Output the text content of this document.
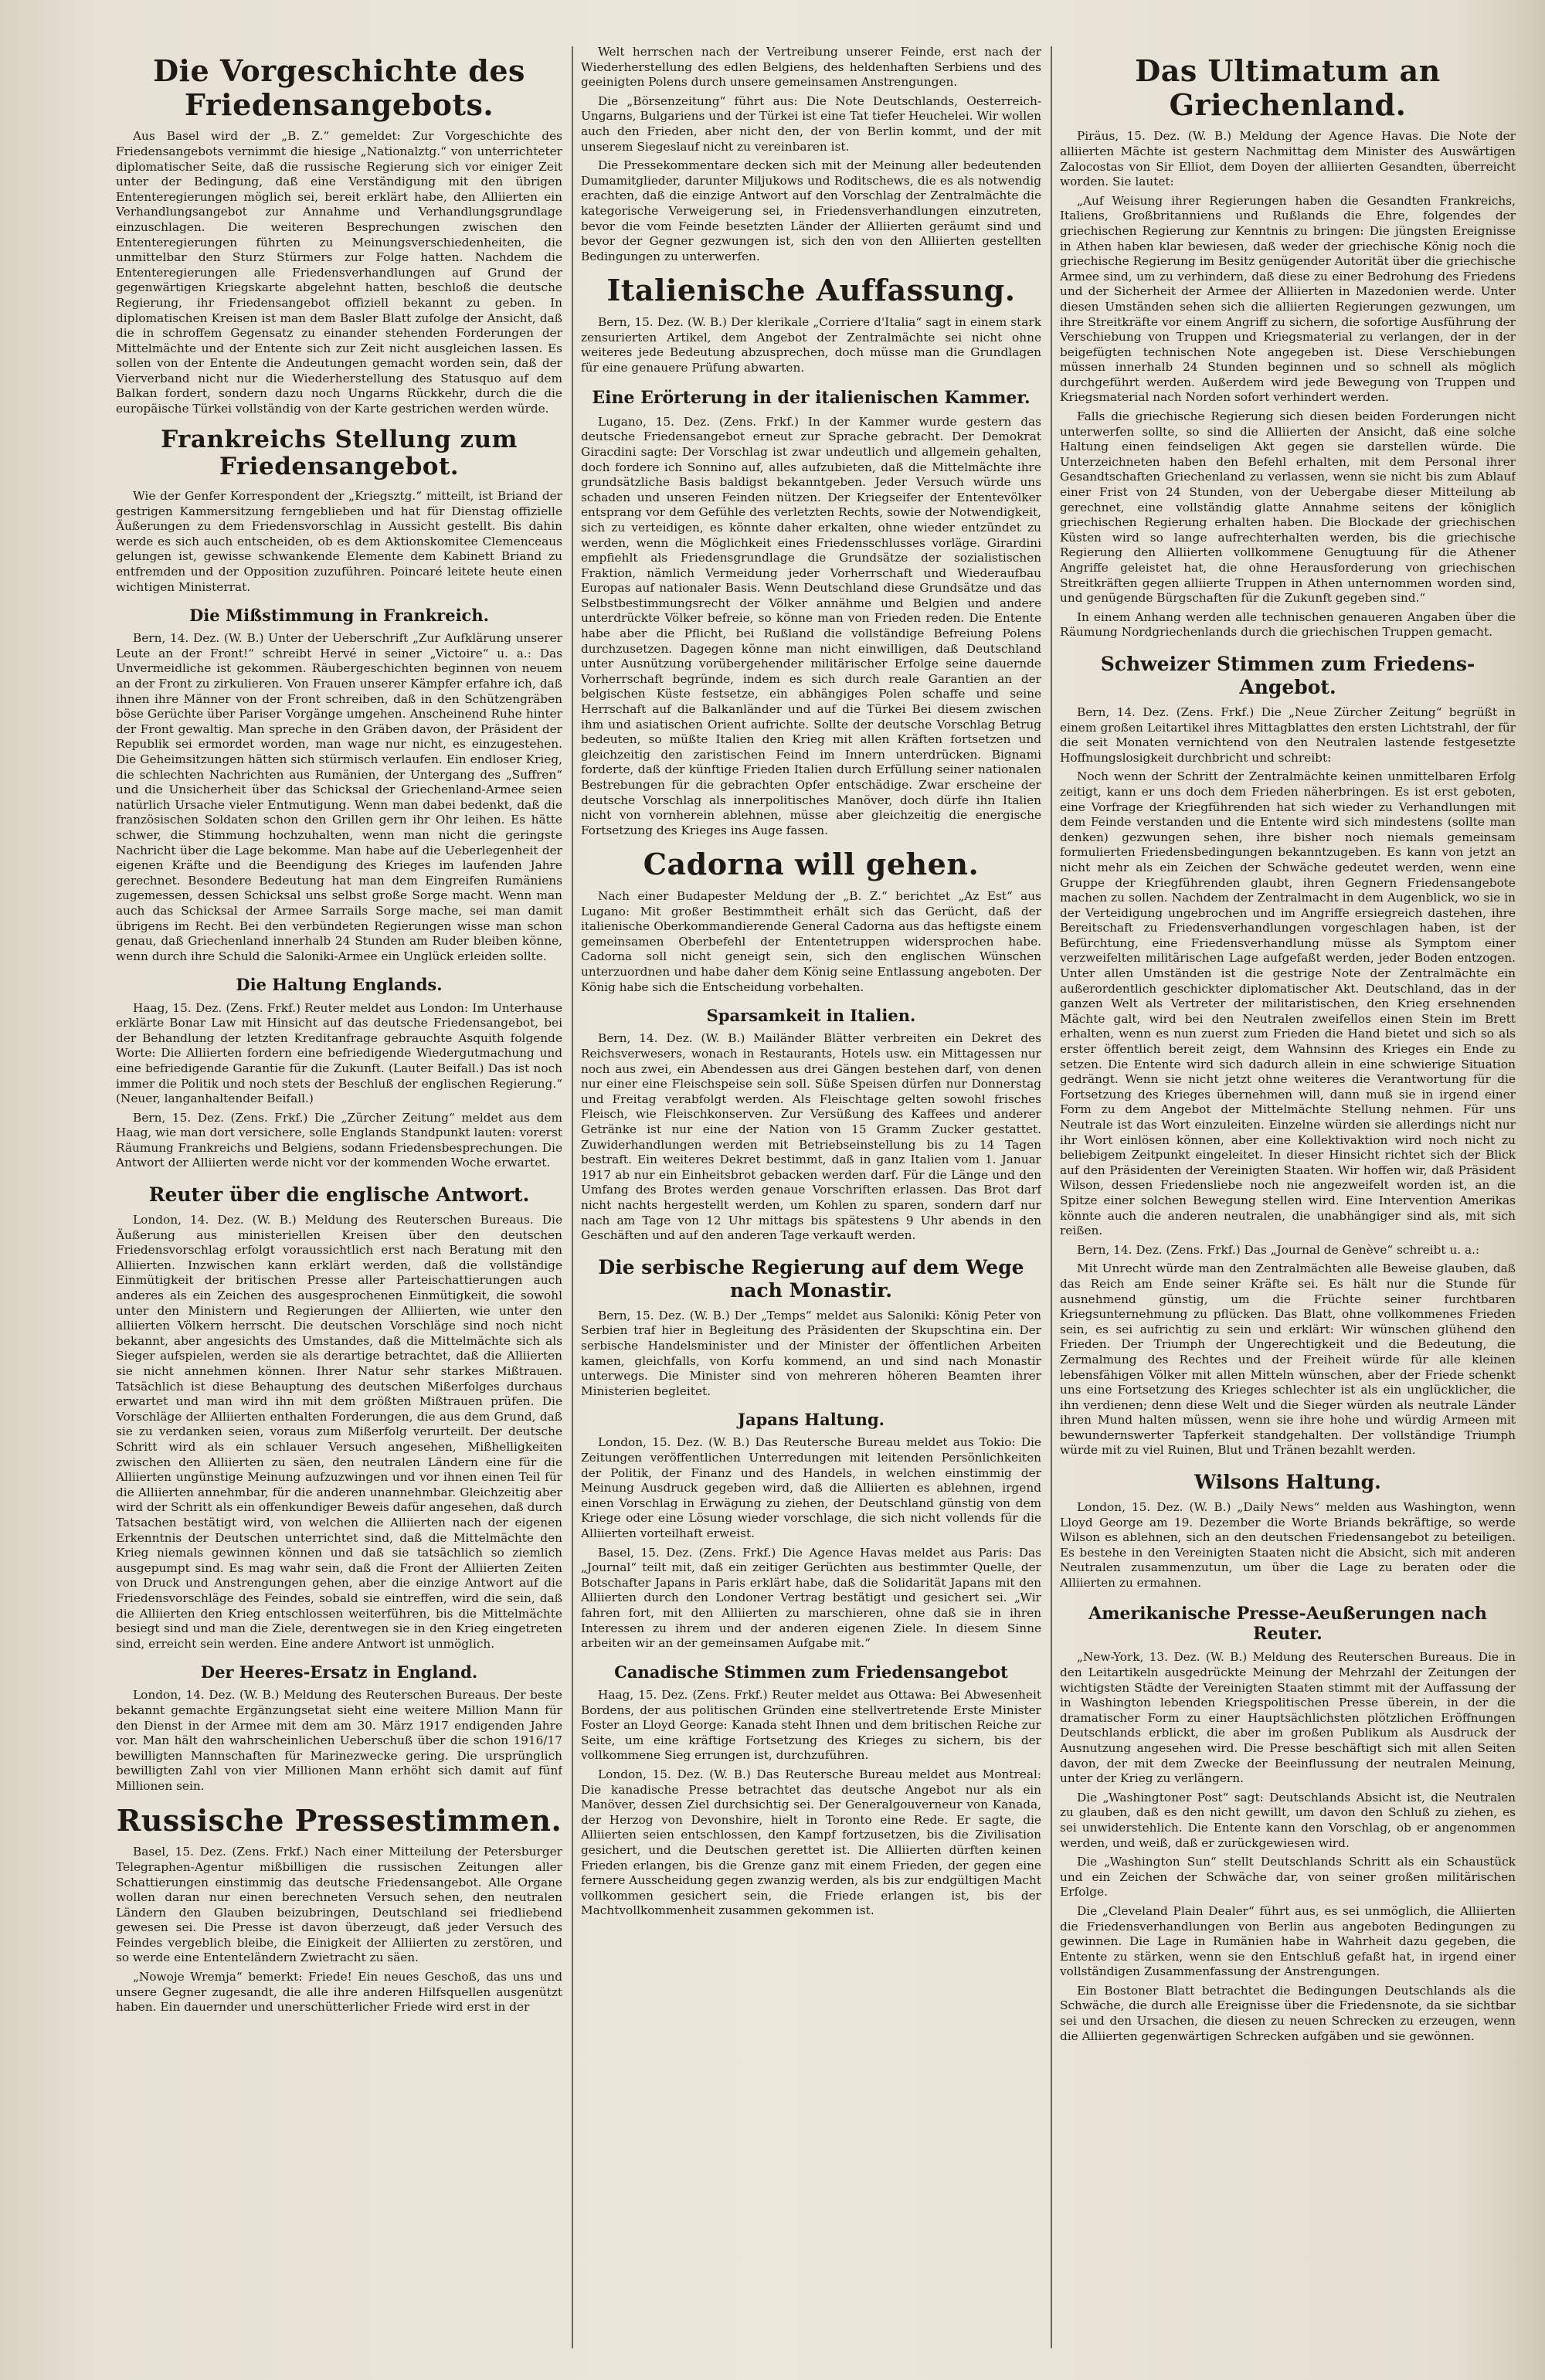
Die Vorgeschichte des Friedensangebots.

Aus Basel wird der „B. Z.“ gemeldet: Zur Vorgeschichte des Friedensangebots vernimmt die hiesige „Nationalztg.“ von unterrichteter diplomatischer Seite, daß die russische Regierung sich vor einiger Zeit unter der Bedingung, daß eine Verständigung mit den übrigen Ententeregierungen möglich sei, bereit erklärt habe, den Alliierten ein Verhandlungsangebot zur Annahme und Verhandlungsgrundlage einzuschlagen. Die weiteren Besprechungen zwischen den Ententeregierungen führten zu Meinungsverschiedenheiten, die unmittelbar den Sturz Stürmers zur Folge hatten. Nachdem die Ententeregierungen alle Friedensverhandlungen auf Grund der gegenwärtigen Kriegskarte abgelehnt hatten, beschloß die deutsche Regierung, ihr Friedensangebot offiziell bekannt zu geben. In diplomatischen Kreisen ist man dem Basler Blatt zufolge der Ansicht, daß die in schroffem Gegensatz zu einander stehenden Forderungen der Mittelmächte und der Entente sich zur Zeit nicht ausgleichen lassen. Es sollen von der Entente die Andeutungen gemacht worden sein, daß der Vierverband nicht nur die Wiederherstellung des Statusquo auf dem Balkan fordert, sondern dazu noch Ungarns Rückkehr, durch die die europäische Türkei vollständig von der Karte gestrichen werden würde.

Frankreichs Stellung zum Friedensangebot.

Wie der Genfer Korrespondent der „Kriegsztg.“ mitteilt, ist Briand der gestrigen Kammersitzung ferngeblieben und hat für Dienstag offizielle Äußerungen zu dem Friedensvorschlag in Aussicht gestellt. Bis dahin werde es sich auch entscheiden, ob es dem Aktionskomitee Clemenceaus gelungen ist, gewisse schwankende Elemente dem Kabinett Briand zu entfremden und der Opposition zuzuführen. Poincaré leitete heute einen wichtigen Ministerrat.

Die Mißstimmung in Frankreich.

Bern, 14. Dez. (W. B.) Unter der Ueberschrift „Zur Aufklärung unserer Leute an der Front!“ schreibt Hervé in seiner „Victoire“ u. a.: Das Unvermeidliche ist gekommen. Räubergeschichten beginnen von neuem an der Front zu zirkulieren. Von Frauen unserer Kämpfer erfahre ich, daß ihnen ihre Männer von der Front schreiben, daß in den Schützengräben böse Gerüchte über Pariser Vorgänge umgehen. Anscheinend Ruhe hinter der Front gewaltig. Man spreche in den Gräben davon, der Präsident der Republik sei ermordet worden, man wage nur nicht, es einzugestehen. Die Geheimsitzungen hätten sich stürmisch verlaufen. Ein endloser Krieg, die schlechten Nachrichten aus Rumänien, der Untergang des „Suffren“ und die Unsicherheit über das Schicksal der Griechenland-Armee seien natürlich Ursache vieler Entmutigung. Wenn man dabei bedenkt, daß die französischen Soldaten schon den Grillen gern ihr Ohr leihen. Es hätte schwer, die Stimmung hochzuhalten, wenn man nicht die geringste Nachricht über die Lage bekomme. Man habe auf die Ueberlegenheit der eigenen Kräfte und die Beendigung des Krieges im laufenden Jahre gerechnet. Besondere Bedeutung hat man dem Eingreifen Rumäniens zugemessen, dessen Schicksal uns selbst große Sorge macht. Wenn man auch das Schicksal der Armee Sarrails Sorge mache, sei man damit übrigens im Recht. Bei den verbündeten Regierungen wisse man schon genau, daß Griechenland innerhalb 24 Stunden am Ruder bleiben könne, wenn durch ihre Schuld die Saloniki-Armee ein Unglück erleiden sollte.

Die Haltung Englands.

Haag, 15. Dez. (Zens. Frkf.) Reuter meldet aus London: Im Unterhause erklärte Bonar Law mit Hinsicht auf das deutsche Friedensangebot, bei der Behandlung der letzten Kreditanfrage gebrauchte Asquith folgende Worte: Die Alliierten fordern eine befriedigende Wiedergutmachung und eine befriedigende Garantie für die Zukunft. (Lauter Beifall.) Das ist noch immer die Politik und noch stets der Beschluß der englischen Regierung.“ (Neuer, langanhaltender Beifall.)

Bern, 15. Dez. (Zens. Frkf.) Die „Zürcher Zeitung“ meldet aus dem Haag, wie man dort versichere, solle Englands Standpunkt lauten: vorerst Räumung Frankreichs und Belgiens, sodann Friedensbesprechungen. Die Antwort der Alliierten werde nicht vor der kommenden Woche erwartet.

Reuter über die englische Antwort.

London, 14. Dez. (W. B.) Meldung des Reuterschen Bureaus. Die Äußerung aus ministeriellen Kreisen über den deutschen Friedensvorschlag erfolgt voraussichtlich erst nach Beratung mit den Alliierten. Inzwischen kann erklärt werden, daß die vollständige Einmütigkeit der britischen Presse aller Parteischattierungen auch anderes als ein Zeichen des ausgesprochenen Einmütigkeit, die sowohl unter den Ministern und Regierungen der Alliierten, wie unter den alliierten Völkern herrscht. Die deutschen Vorschläge sind noch nicht bekannt, aber angesichts des Umstandes, daß die Mittelmächte sich als Sieger aufspielen, werden sie als derartige betrachtet, daß die Alliierten sie nicht annehmen können. Ihrer Natur sehr starkes Mißtrauen. Tatsächlich ist diese Behauptung des deutschen Mißerfolges durchaus erwartet und man wird ihn mit dem größten Mißtrauen prüfen. Die Vorschläge der Alliierten enthalten Forderungen, die aus dem Grund, daß sie zu verdanken seien, voraus zum Mißerfolg verurteilt. Der deutsche Schritt wird als ein schlauer Versuch angesehen, Mißhelligkeiten zwischen den Alliierten zu säen, den neutralen Ländern eine für die Alliierten ungünstige Meinung aufzuzwingen und vor ihnen einen Teil für die Alliierten annehmbar, für die anderen unannehmbar. Gleichzeitig aber wird der Schritt als ein offenkundiger Beweis dafür angesehen, daß durch Tatsachen bestätigt wird, von welchen die Alliierten nach der eigenen Erkenntnis der Deutschen unterrichtet sind, daß die Mittelmächte den Krieg niemals gewinnen können und daß sie tatsächlich so ziemlich ausgepumpt sind. Es mag wahr sein, daß die Front der Alliierten Zeiten von Druck und Anstrengungen gehen, aber die einzige Antwort auf die Friedensvorschläge des Feindes, sobald sie eintreffen, wird die sein, daß die Alliierten den Krieg entschlossen weiterführen, bis die Mittelmächte besiegt sind und man die Ziele, derentwegen sie in den Krieg eingetreten sind, erreicht sein werden. Eine andere Antwort ist unmöglich.

Der Heeres-Ersatz in England.

London, 14. Dez. (W. B.) Meldung des Reuterschen Bureaus. Der beste bekannt gemachte Ergänzungsetat sieht eine weitere Million Mann für den Dienst in der Armee mit dem am 30. März 1917 endigenden Jahre vor. Man hält den wahrscheinlichen Ueberschuß über die schon 1916/17 bewilligten Mannschaften für Marinezwecke gering. Die ursprünglich bewilligten Zahl von vier Millionen Mann erhöht sich damit auf fünf Millionen sein.

Russische Pressestimmen.

Basel, 15. Dez. (Zens. Frkf.) Nach einer Mitteilung der Petersburger Telegraphen-Agentur mißbilligen die russischen Zeitungen aller Schattierungen einstimmig das deutsche Friedensangebot. Alle Organe wollen daran nur einen berechneten Versuch sehen, den neutralen Ländern den Glauben beizubringen, Deutschland sei friedliebend gewesen sei. Die Presse ist davon überzeugt, daß jeder Versuch des Feindes vergeblich bleibe, die Einigkeit der Alliierten zu zerstören, und so werde eine Ententeländern Zwietracht zu säen.

„Nowoje Wremja“ bemerkt: Friede! Ein neues Geschoß, das uns und unsere Gegner zugesandt, die alle ihre anderen Hilfsquellen ausgenützt haben. Ein dauernder und unerschütterlicher Friede wird erst in der

Welt herrschen nach der Vertreibung unserer Feinde, erst nach der Wiederherstellung des edlen Belgiens, des heldenhaften Serbiens und des geeinigten Polens durch unsere gemeinsamen Anstrengungen.

Die „Börsenzeitung“ führt aus: Die Note Deutschlands, Oesterreich-Ungarns, Bulgariens und der Türkei ist eine Tat tiefer Heuchelei. Wir wollen auch den Frieden, aber nicht den, der von Berlin kommt, und der mit unserem Siegeslauf nicht zu vereinbaren ist.

Die Pressekommentare decken sich mit der Meinung aller bedeutenden Dumamitglieder, darunter Miljukows und Roditschews, die es als notwendig erachten, daß die einzige Antwort auf den Vorschlag der Zentralmächte die kategorische Verweigerung sei, in Friedensverhandlungen einzutreten, bevor die vom Feinde besetzten Länder der Alliierten geräumt sind und bevor der Gegner gezwungen ist, sich den von den Alliierten gestellten Bedingungen zu unterwerfen.

Italienische Auffassung.

Bern, 15. Dez. (W. B.) Der klerikale „Corriere d'Italia“ sagt in einem stark zensurierten Artikel, dem Angebot der Zentralmächte sei nicht ohne weiteres jede Bedeutung abzusprechen, doch müsse man die Grundlagen für eine genauere Prüfung abwarten.

Eine Erörterung in der italienischen Kammer.

Lugano, 15. Dez. (Zens. Frkf.) In der Kammer wurde gestern das deutsche Friedensangebot erneut zur Sprache gebracht. Der Demokrat Giracdini sagte: Der Vorschlag ist zwar undeutlich und allgemein gehalten, doch fordere ich Sonnino auf, alles aufzubieten, daß die Mittelmächte ihre grundsätzliche Basis baldigst bekanntgeben. Jeder Versuch würde uns schaden und unseren Feinden nützen. Der Kriegseifer der Ententevölker entsprang vor dem Gefühle des verletzten Rechts, sowie der Notwendigkeit, sich zu verteidigen, es könnte daher erkalten, ohne wieder entzündet zu werden, wenn die Möglichkeit eines Friedensschlusses vorläge. Girardini empfiehlt als Friedensgrundlage die Grundsätze der sozialistischen Fraktion, nämlich Vermeidung jeder Vorherrschaft und Wiederaufbau Europas auf nationaler Basis. Wenn Deutschland diese Grundsätze und das Selbstbestimmungsrecht der Völker annähme und Belgien und andere unterdrückte Völker befreie, so könne man von Frieden reden. Die Entente habe aber die Pflicht, bei Rußland die vollständige Befreiung Polens durchzusetzen. Dagegen könne man nicht einwilligen, daß Deutschland unter Ausnützung vorübergehender militärischer Erfolge seine dauernde Vorherrschaft begründe, indem es sich durch reale Garantien an der belgischen Küste festsetze, ein abhängiges Polen schaffe und seine Herrschaft auf die Balkanländer und auf die Türkei Bei diesem zwischen ihm und asiatischen Orient aufrichte. Sollte der deutsche Vorschlag Betrug bedeuten, so müßte Italien den Krieg mit allen Kräften fortsetzen und gleichzeitig den zaristischen Feind im Innern unterdrücken. Bignami forderte, daß der künftige Frieden Italien durch Erfüllung seiner nationalen Bestrebungen für die gebrachten Opfer entschädige. Zwar erscheine der deutsche Vorschlag als innerpolitisches Manöver, doch dürfe ihn Italien nicht von vornherein ablehnen, müsse aber gleichzeitig die energische Fortsetzung des Krieges ins Auge fassen.

Cadorna will gehen.

Nach einer Budapester Meldung der „B. Z.“ berichtet „Az Est“ aus Lugano: Mit großer Bestimmtheit erhält sich das Gerücht, daß der italienische Oberkommandierende General Cadorna aus das heftigste einem gemeinsamen Oberbefehl der Ententetruppen widersprochen habe. Cadorna soll nicht geneigt sein, sich den englischen Wünschen unterzuordnen und habe daher dem König seine Entlassung angeboten. Der König habe sich die Entscheidung vorbehalten.

Sparsamkeit in Italien.

Bern, 14. Dez. (W. B.) Mailänder Blätter verbreiten ein Dekret des Reichsverwesers, wonach in Restaurants, Hotels usw. ein Mittagessen nur noch aus zwei, ein Abendessen aus drei Gängen bestehen darf, von denen nur einer eine Fleischspeise sein soll. Süße Speisen dürfen nur Donnerstag und Freitag verabfolgt werden. Als Fleischtage gelten sowohl frisches Fleisch, wie Fleischkonserven. Zur Versüßung des Kaffees und anderer Getränke ist nur eine der Nation von 15 Gramm Zucker gestattet. Zuwiderhandlungen werden mit Betriebseinstellung bis zu 14 Tagen bestraft. Ein weiteres Dekret bestimmt, daß in ganz Italien vom 1. Januar 1917 ab nur ein Einheitsbrot gebacken werden darf. Für die Länge und den Umfang des Brotes werden genaue Vorschriften erlassen. Das Brot darf nicht nachts hergestellt werden, um Kohlen zu sparen, sondern darf nur nach am Tage von 12 Uhr mittags bis spätestens 9 Uhr abends in den Geschäften und auf den anderen Tage verkauft werden.

Die serbische Regierung auf dem Wege nach Monastir.

Bern, 15. Dez. (W. B.) Der „Temps“ meldet aus Saloniki: König Peter von Serbien traf hier in Begleitung des Präsidenten der Skupschtina ein. Der serbische Handelsminister und der Minister der öffentlichen Arbeiten kamen, gleichfalls, von Korfu kommend, an und sind nach Monastir unterwegs. Die Minister sind von mehreren höheren Beamten ihrer Ministerien begleitet.

Japans Haltung.

London, 15. Dez. (W. B.) Das Reutersche Bureau meldet aus Tokio: Die Zeitungen veröffentlichen Unterredungen mit leitenden Persönlichkeiten der Politik, der Finanz und des Handels, in welchen einstimmig der Meinung Ausdruck gegeben wird, daß die Alliierten es ablehnen, irgend einen Vorschlag in Erwägung zu ziehen, der Deutschland günstig von dem Kriege oder eine Lösung wieder vorschlage, die sich nicht vollends für die Alliierten vorteilhaft erweist.

Basel, 15. Dez. (Zens. Frkf.) Die Agence Havas meldet aus Paris: Das „Journal“ teilt mit, daß ein zeitiger Gerüchten aus bestimmter Quelle, der Botschafter Japans in Paris erklärt habe, daß die Solidarität Japans mit den Alliierten durch den Londoner Vertrag bestätigt und gesichert sei. „Wir fahren fort, mit den Alliierten zu marschieren, ohne daß sie in ihren Interessen zu ihrem und der anderen eigenen Ziele. In diesem Sinne arbeiten wir an der gemeinsamen Aufgabe mit.“

Canadische Stimmen zum Friedensangebot

Haag, 15. Dez. (Zens. Frkf.) Reuter meldet aus Ottawa: Bei Abwesenheit Bordens, der aus politischen Gründen eine stellvertretende Erste Minister Foster an Lloyd George: Kanada steht Ihnen und dem britischen Reiche zur Seite, um eine kräftige Fortsetzung des Krieges zu sichern, bis der vollkommene Sieg errungen ist, durchzuführen.

London, 15. Dez. (W. B.) Das Reutersche Bureau meldet aus Montreal: Die kanadische Presse betrachtet das deutsche Angebot nur als ein Manöver, dessen Ziel durchsichtig sei. Der Generalgouverneur von Kanada, der Herzog von Devonshire, hielt in Toronto eine Rede. Er sagte, die Alliierten seien entschlossen, den Kampf fortzusetzen, bis die Zivilisation gesichert, und die Deutschen gerettet ist. Die Alliierten dürften keinen Frieden erlangen, bis die Grenze ganz mit einem Frieden, der gegen eine fernere Ausscheidung gegen zwanzig werden, als bis zur endgültigen Macht vollkommen gesichert sein, die Friede erlangen ist, bis der Machtvollkommenheit zusammen gekommen ist.

Das Ultimatum an Griechenland.

Piräus, 15. Dez. (W. B.) Meldung der Agence Havas. Die Note der alliierten Mächte ist gestern Nachmittag dem Minister des Auswärtigen Zalocostas von Sir Elliot, dem Doyen der alliierten Gesandten, überreicht worden. Sie lautet:

„Auf Weisung ihrer Regierungen haben die Gesandten Frankreichs, Italiens, Großbritanniens und Rußlands die Ehre, folgendes der griechischen Regierung zur Kenntnis zu bringen: Die jüngsten Ereignisse in Athen haben klar bewiesen, daß weder der griechische König noch die griechische Regierung im Besitz genügender Autorität über die griechische Armee sind, um zu verhindern, daß diese zu einer Bedrohung des Friedens und der Sicherheit der Armee der Alliierten in Mazedonien werde. Unter diesen Umständen sehen sich die alliierten Regierungen gezwungen, um ihre Streitkräfte vor einem Angriff zu sichern, die sofortige Ausführung der Verschiebung von Truppen und Kriegsmaterial zu verlangen, der in der beigefügten technischen Note angegeben ist. Diese Verschiebungen müssen innerhalb 24 Stunden beginnen und so schnell als möglich durchgeführt werden. Außerdem wird jede Bewegung von Truppen und Kriegsmaterial nach Norden sofort verhindert werden.

Falls die griechische Regierung sich diesen beiden Forderungen nicht unterwerfen sollte, so sind die Alliierten der Ansicht, daß eine solche Haltung einen feindseligen Akt gegen sie darstellen würde. Die Unterzeichneten haben den Befehl erhalten, mit dem Personal ihrer Gesandtschaften Griechenland zu verlassen, wenn sie nicht bis zum Ablauf einer Frist von 24 Stunden, von der Uebergabe dieser Mitteilung ab gerechnet, eine vollständig glatte Annahme seitens der königlich griechischen Regierung erhalten haben. Die Blockade der griechischen Küsten wird so lange aufrechterhalten werden, bis die griechische Regierung den Alliierten vollkommene Genugtuung für die Athener Angriffe geleistet hat, die ohne Herausforderung von griechischen Streitkräften gegen alliierte Truppen in Athen unternommen worden sind, und genügende Bürgschaften für die Zukunft gegeben sind.“

In einem Anhang werden alle technischen genaueren Angaben über die Räumung Nordgriechenlands durch die griechischen Truppen gemacht.

Schweizer Stimmen zum Friedens-Angebot.

Bern, 14. Dez. (Zens. Frkf.) Die „Neue Zürcher Zeitung“ begrüßt in einem großen Leitartikel ihres Mittagblattes den ersten Lichtstrahl, der für die seit Monaten vernichtend von den Neutralen lastende festgesetzte Hoffnungslosigkeit durchbricht und schreibt:

Noch wenn der Schritt der Zentralmächte keinen unmittelbaren Erfolg zeitigt, kann er uns doch dem Frieden näherbringen. Es ist erst geboten, eine Vorfrage der Kriegführenden hat sich wieder zu Verhandlungen mit dem Feinde verstanden und die Entente wird sich mindestens (sollte man denken) gezwungen sehen, ihre bisher noch niemals gemeinsam formulierten Friedensbedingungen bekanntzugeben. Es kann von jetzt an nicht mehr als ein Zeichen der Schwäche gedeutet werden, wenn eine Gruppe der Kriegführenden glaubt, ihren Gegnern Friedensangebote machen zu sollen. Nachdem der Zentralmacht in dem Augenblick, wo sie in der Verteidigung ungebrochen und im Angriffe ersiegreich dastehen, ihre Bereitschaft zu Friedensverhandlungen vorgeschlagen haben, ist der Befürchtung, eine Friedensverhandlung müsse als Symptom einer verzweifelten militärischen Lage aufgefaßt werden, jeder Boden entzogen. Unter allen Umständen ist die gestrige Note der Zentralmächte ein außerordentlich geschickter diplomatischer Akt. Deutschland, das in der ganzen Welt als Vertreter der militaristischen, den Krieg ersehnenden Mächte galt, wird bei den Neutralen zweifellos einen Stein im Brett erhalten, wenn es nun zuerst zum Frieden die Hand bietet und sich so als erster öffentlich bereit zeigt, dem Wahnsinn des Krieges ein Ende zu setzen. Die Entente wird sich dadurch allein in eine schwierige Situation gedrängt. Wenn sie nicht jetzt ohne weiteres die Verantwortung für die Fortsetzung des Krieges übernehmen will, dann muß sie in irgend einer Form zu dem Angebot der Mittelmächte Stellung nehmen. Für uns Neutrale ist das Wort einzuleiten. Einzelne würden sie allerdings nicht nur ihr Wort einlösen können, aber eine Kollektivaktion wird noch nicht zu beliebigem Zeitpunkt eingeleitet. In dieser Hinsicht richtet sich der Blick auf den Präsidenten der Vereinigten Staaten. Wir hoffen wir, daß Präsident Wilson, dessen Friedensliebe noch nie angezweifelt worden ist, an die Spitze einer solchen Bewegung stellen wird. Eine Intervention Amerikas könnte auch die anderen neutralen, die unabhängiger sind als, mit sich reißen.

Bern, 14. Dez. (Zens. Frkf.) Das „Journal de Genève“ schreibt u. a.:

Mit Unrecht würde man den Zentralmächten alle Beweise glauben, daß das Reich am Ende seiner Kräfte sei. Es hält nur die Stunde für ausnehmend günstig, um die Früchte seiner furchtbaren Kriegsunternehmung zu pflücken. Das Blatt, ohne vollkommenes Frieden sein, es sei aufrichtig zu sein und erklärt: Wir wünschen glühend den Frieden. Der Triumph der Ungerechtigkeit und die Bedeutung, die Zermalmung des Rechtes und der Freiheit würde für alle kleinen lebensfähigen Völker mit allen Mitteln wünschen, aber der Friede schenkt uns eine Fortsetzung des Krieges schlechter ist als ein unglücklicher, die ihn verdienen; denn diese Welt und die Sieger würden als neutrale Länder ihren Mund halten müssen, wenn sie ihre hohe und würdig Armeen mit bewundernswerter Tapferkeit standgehalten. Der vollständige Triumph würde mit zu viel Ruinen, Blut und Tränen bezahlt werden.

Wilsons Haltung.

London, 15. Dez. (W. B.) „Daily News“ melden aus Washington, wenn Lloyd George am 19. Dezember die Worte Briands bekräftige, so werde Wilson es ablehnen, sich an den deutschen Friedensangebot zu beteiligen. Es bestehe in den Vereinigten Staaten nicht die Absicht, sich mit anderen Neutralen zusammenzutun, um über die Lage zu beraten oder die Alliierten zu ermahnen.

Amerikanische Presse-Aeußerungen nach Reuter.

„New-York, 13. Dez. (W. B.) Meldung des Reuterschen Bureaus. Die in den Leitartikeln ausgedrückte Meinung der Mehrzahl der Zeitungen der wichtigsten Städte der Vereinigten Staaten stimmt mit der Auffassung der in Washington lebenden Kriegspolitischen Presse überein, in der die dramatischer Form zu einer Hauptsächlichsten plötzlichen Eröffnungen Deutschlands erblickt, die aber im großen Publikum als Ausdruck der Ausnutzung angesehen wird. Die Presse beschäftigt sich mit allen Seiten davon, der mit dem Zwecke der Beeinflussung der neutralen Meinung, unter der Krieg zu verlängern.

Die „Washingtoner Post“ sagt: Deutschlands Absicht ist, die Neutralen zu glauben, daß es den nicht gewillt, um davon den Schluß zu ziehen, es sei unwiderstehlich. Die Entente kann den Vorschlag, ob er angenommen werden, und weiß, daß er zurückgewiesen wird.

Die „Washington Sun“ stellt Deutschlands Schritt als ein Schaustück und ein Zeichen der Schwäche dar, von seiner großen militärischen Erfolge.

Die „Cleveland Plain Dealer“ führt aus, es sei unmöglich, die Alliierten die Friedensverhandlungen von Berlin aus angeboten Bedingungen zu gewinnen. Die Lage in Rumänien habe in Wahrheit dazu gegeben, die Entente zu stärken, wenn sie den Entschluß gefaßt hat, in irgend einer vollständigen Zusammenfassung der Anstrengungen.

Ein Bostoner Blatt betrachtet die Bedingungen Deutschlands als die Schwäche, die durch alle Ereignisse über die Friedensnote, da sie sichtbar sei und den Ursachen, die diesen zu neuen Schrecken zu erzeugen, wenn die Alliierten gegenwärtigen Schrecken aufgäben und sie gewönnen.
